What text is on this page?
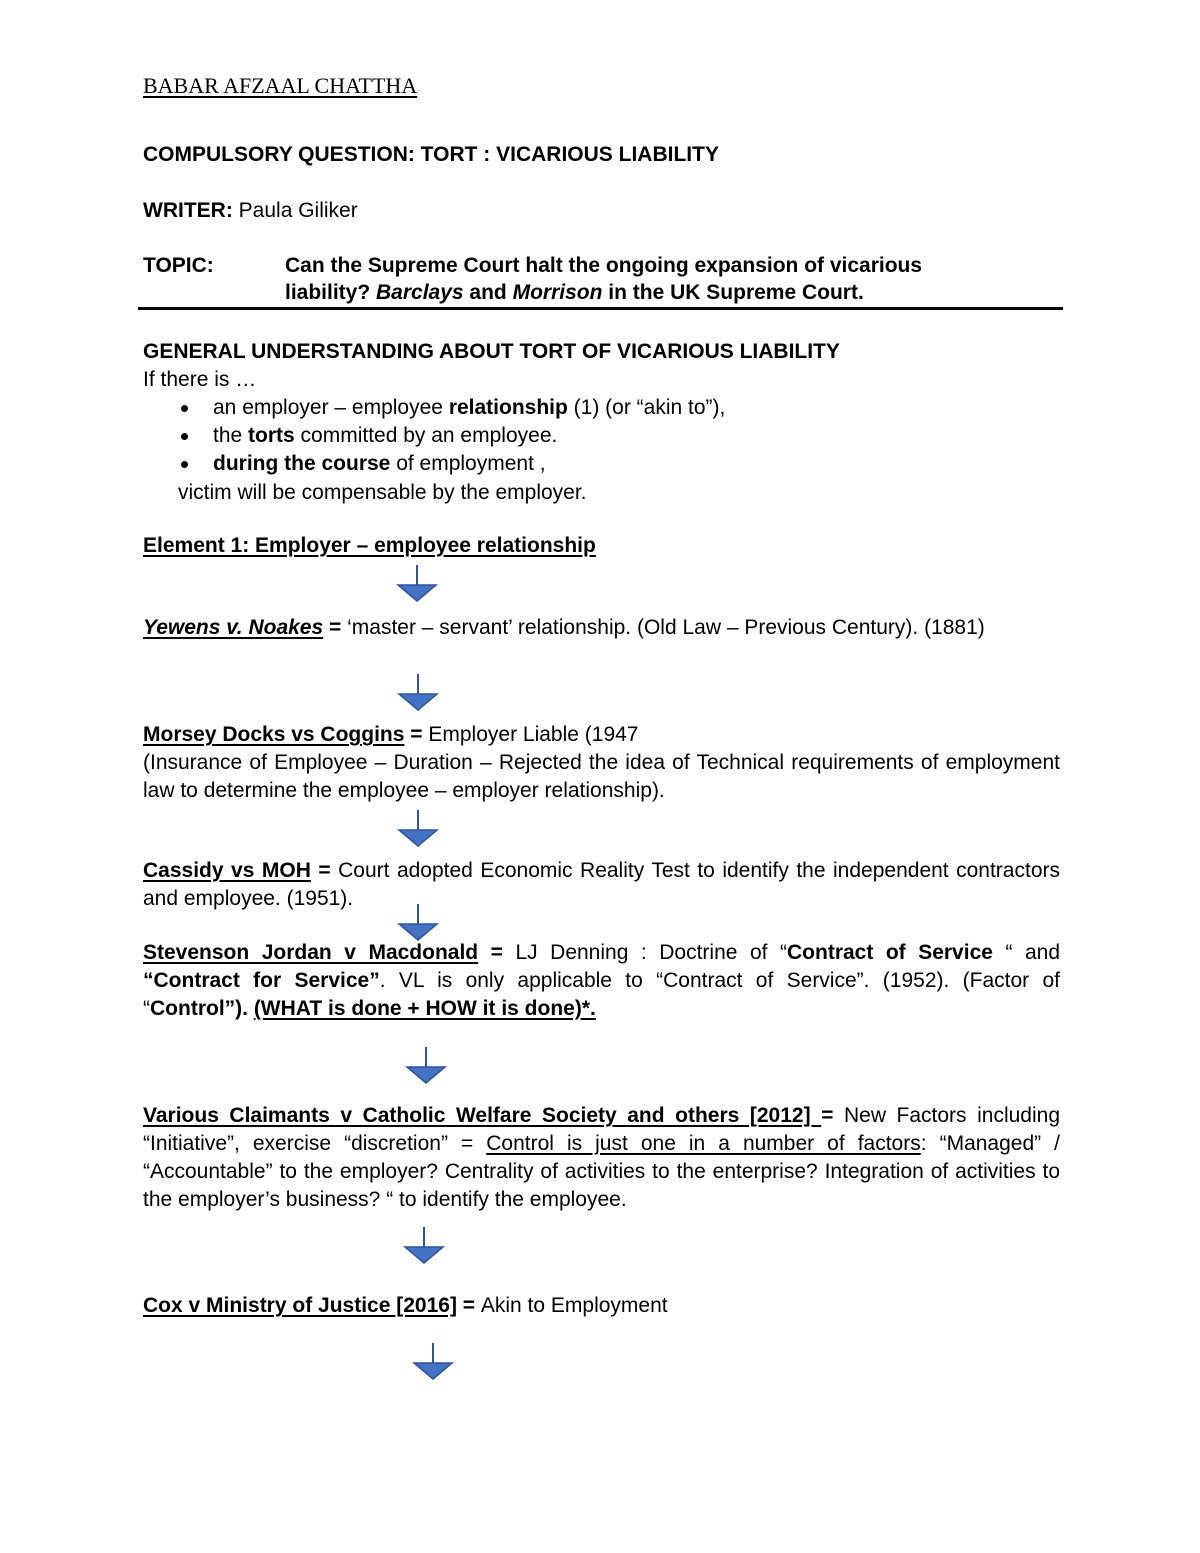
BABAR AFZAAL CHATTHA
COMPULSORY QUESTION: TORT : VICARIOUS LIABILITY
WRITER: Paula Giliker
TOPIC:	Can the Supreme Court halt the ongoing expansion of vicarious
liability? Barclays and Morrison in the UK Supreme Court.
GENERAL UNDERSTANDING ABOUT TORT OF VICARIOUS LIABILITY
If there is …
an employer – employee relationship (1) (or “akin to”),
the torts committed by an employee.
during the course of employment ,
victim will be compensable by the employer.
Element 1: Employer – employee relationship
Yewens v. Noakes = ‘master – servant’ relationship. (Old Law – Previous Century). (1881)
Morsey Docks vs Coggins = Employer Liable (1947
(Insurance of Employee – Duration – Rejected the idea of Technical requirements of employment law to determine the employee – employer relationship).
Cassidy vs MOH = Court adopted Economic Reality Test to identify the independent contractors and employee. (1951).
Stevenson Jordan v Macdonald = LJ Denning : Doctrine of “Contract of Service “ and “Contract for Service”. VL is only applicable to “Contract of Service”. (1952). (Factor of “Control”). (WHAT is done + HOW it is done)*.
Various Claimants v Catholic Welfare Society and others [2012] = New Factors including “Initiative”, exercise “discretion” = Control is just one in a number of factors: “Managed” / “Accountable” to the employer? Centrality of activities to the enterprise? Integration of activities to the employer’s business? “ to identify the employee.
Cox v Ministry of Justice [2016] = Akin to Employment
